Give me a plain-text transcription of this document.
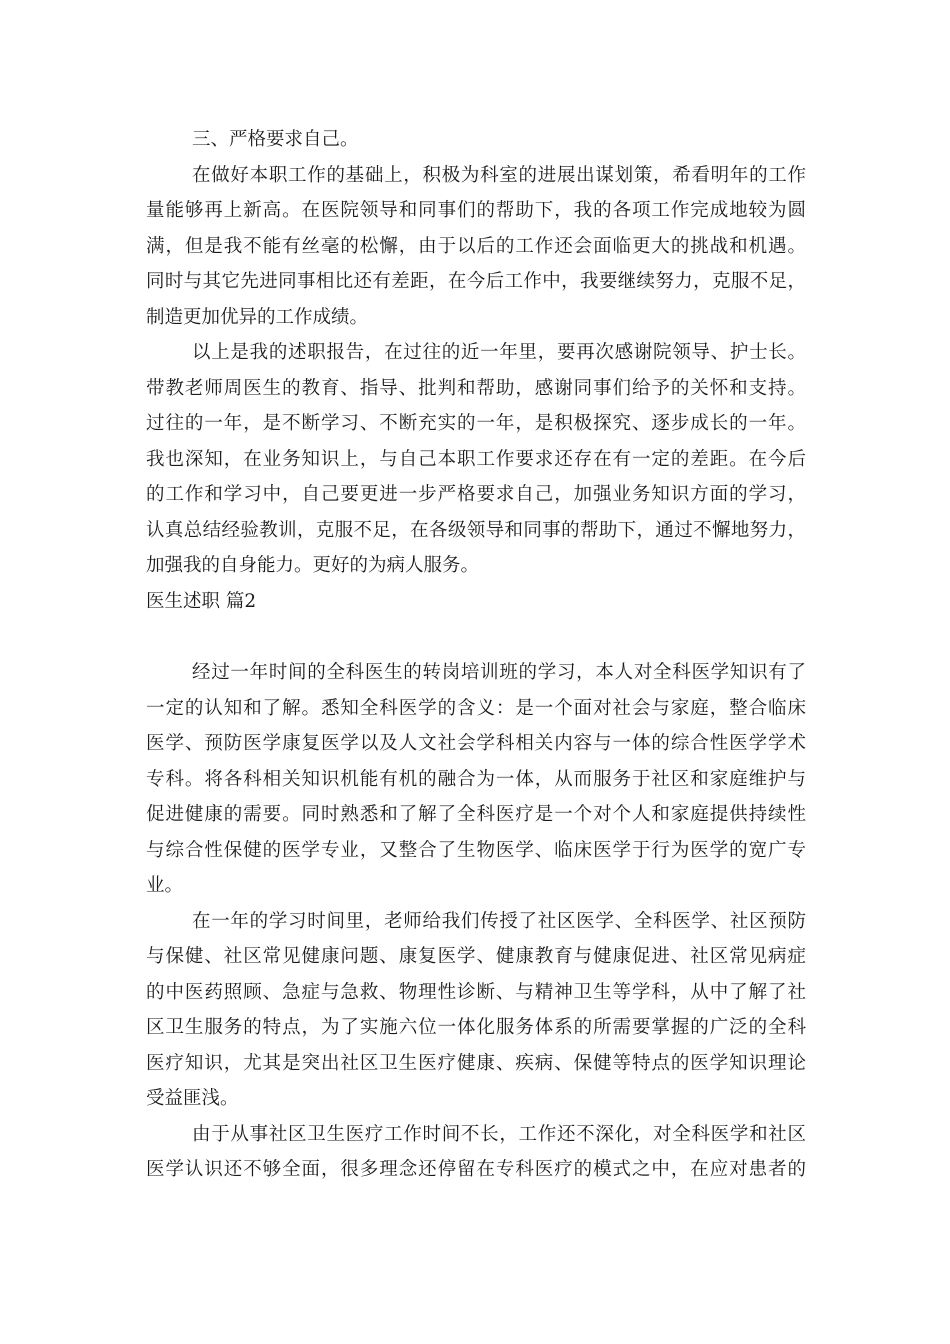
三、严格要求自己。
在做好本职工作的基础上，积极为科室的进展出谋划策，希看明年的工作
量能够再上新高。在医院领导和同事们的帮助下，我的各项工作完成地较为圆
满，但是我不能有丝毫的松懈，由于以后的工作还会面临更大的挑战和机遇。
同时与其它先进同事相比还有差距，在今后工作中，我要继续努力，克服不足，
制造更加优异的工作成绩。
以上是我的述职报告，在过往的近一年里，要再次感谢院领导、护士长。
带教老师周医生的教育、指导、批判和帮助，感谢同事们给予的关怀和支持。
过往的一年，是不断学习、不断充实的一年，是积极探究、逐步成长的一年。
我也深知，在业务知识上，与自己本职工作要求还存在有一定的差距。在今后
的工作和学习中，自己要更进一步严格要求自己，加强业务知识方面的学习，
认真总结经验教训，克服不足，在各级领导和同事的帮助下，通过不懈地努力，
加强我的自身能力。更好的为病人服务。
医生述职 篇2
经过一年时间的全科医生的转岗培训班的学习，本人对全科医学知识有了
一定的认知和了解。悉知全科医学的含义：是一个面对社会与家庭，整合临床
医学、预防医学康复医学以及人文社会学科相关内容与一体的综合性医学学术
专科。将各科相关知识机能有机的融合为一体，从而服务于社区和家庭维护与
促进健康的需要。同时熟悉和了解了全科医疗是一个对个人和家庭提供持续性
与综合性保健的医学专业，又整合了生物医学、临床医学于行为医学的宽广专
业。
在一年的学习时间里，老师给我们传授了社区医学、全科医学、社区预防
与保健、社区常见健康问题、康复医学、健康教育与健康促进、社区常见病症
的中医药照顾、急症与急救、物理性诊断、与精神卫生等学科，从中了解了社
区卫生服务的特点，为了实施六位一体化服务体系的所需要掌握的广泛的全科
医疗知识，尤其是突出社区卫生医疗健康、疾病、保健等特点的医学知识理论
受益匪浅。
由于从事社区卫生医疗工作时间不长，工作还不深化，对全科医学和社区
医学认识还不够全面，很多理念还停留在专科医疗的模式之中，在应对患者的
